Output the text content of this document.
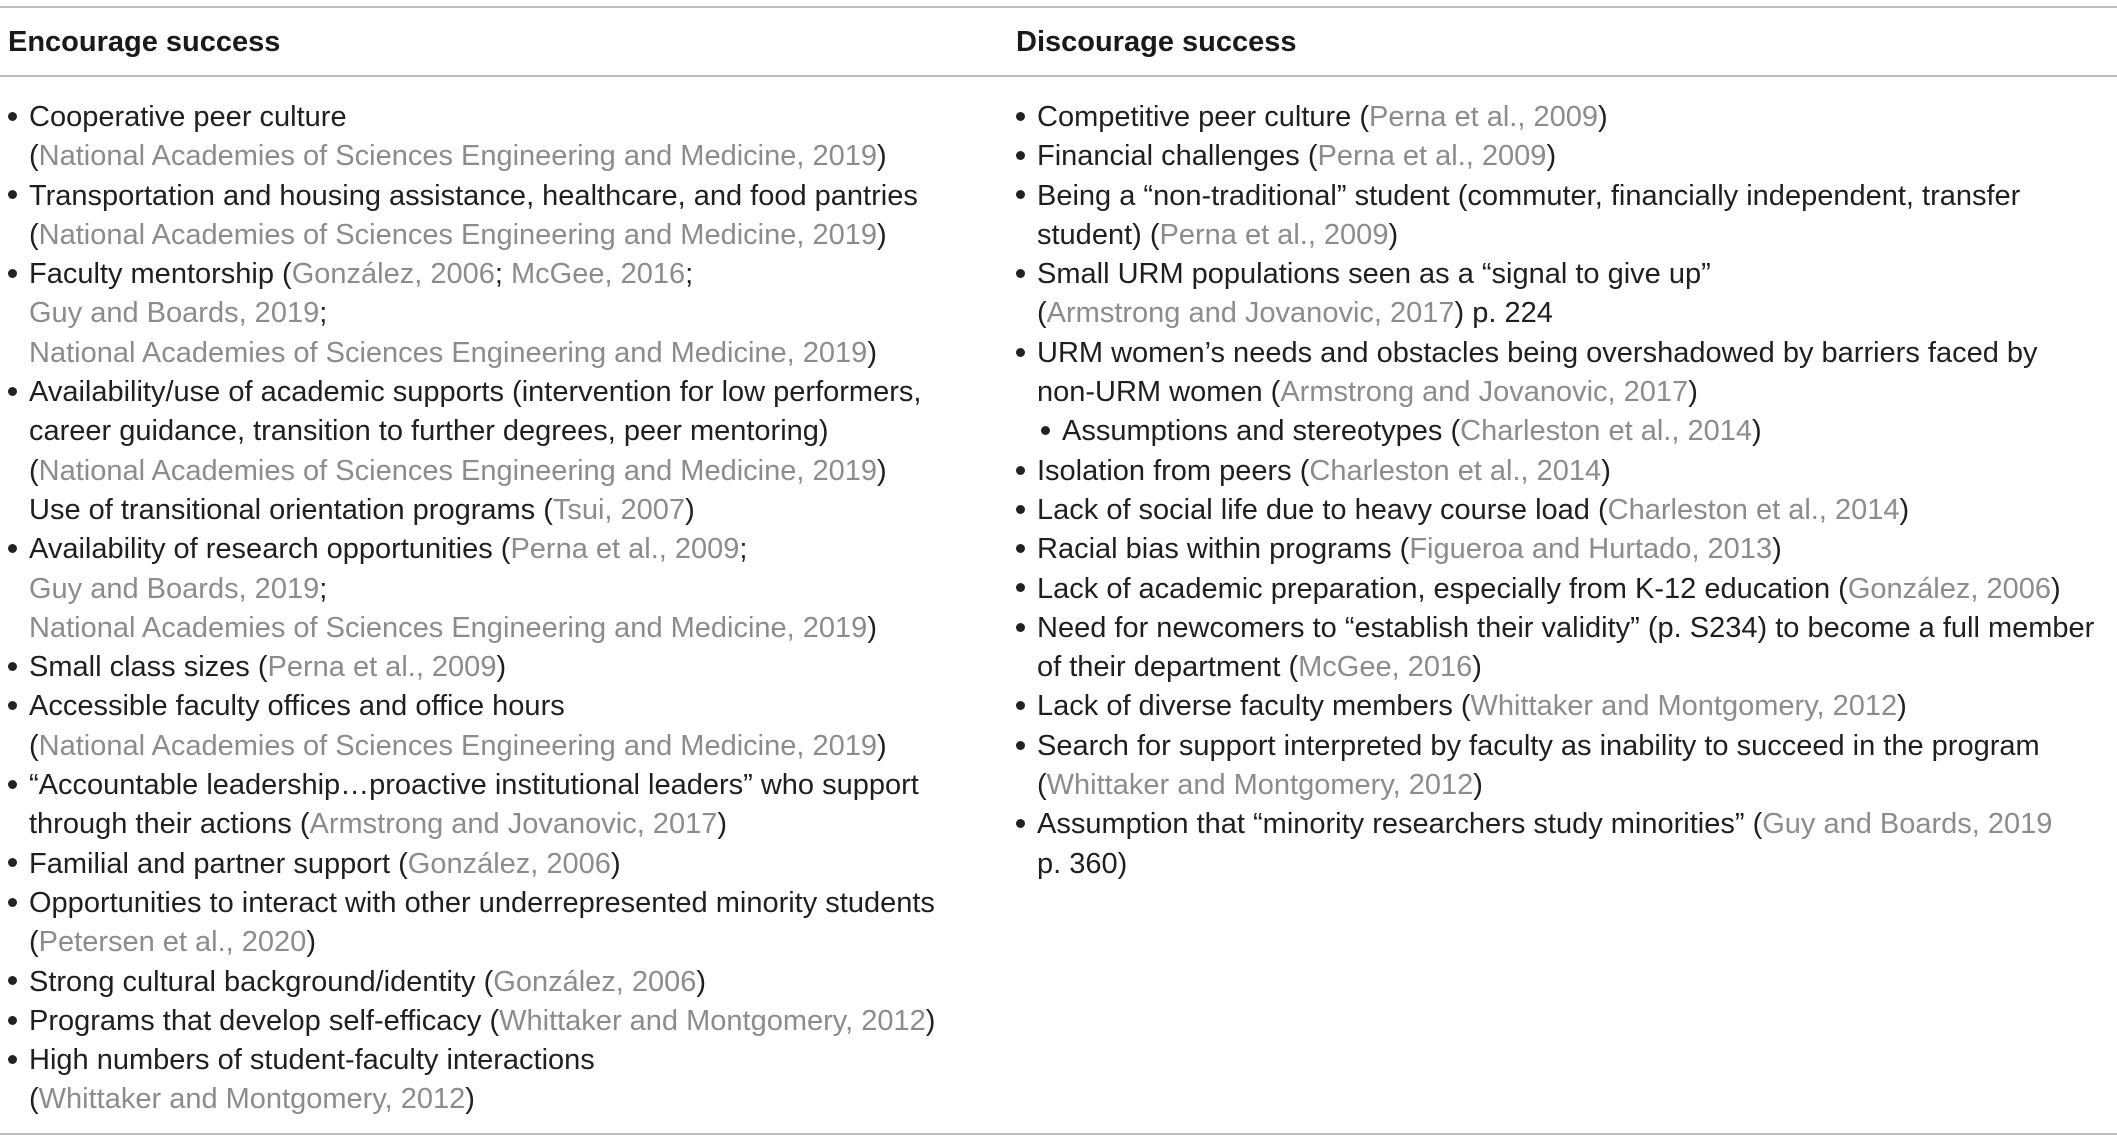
Encourage success	Discourage success
Cooperative peer culture
(National Academies of Sciences Engineering and Medicine, 2019)
Transportation and housing assistance, healthcare, and food pantries
(National Academies of Sciences Engineering and Medicine, 2019)
Faculty mentorship (González, 2006; McGee, 2016;
Guy and Boards, 2019;
National Academies of Sciences Engineering and Medicine, 2019)
Availability/use of academic supports (intervention for low performers,
career guidance, transition to further degrees, peer mentoring)
(National Academies of Sciences Engineering and Medicine, 2019)
Use of transitional orientation programs (Tsui, 2007)
Availability of research opportunities (Perna et al., 2009;
Guy and Boards, 2019;
National Academies of Sciences Engineering and Medicine, 2019)
Small class sizes (Perna et al., 2009)
Accessible faculty offices and office hours
(National Academies of Sciences Engineering and Medicine, 2019)
“Accountable leadership…proactive institutional leaders” who support
through their actions (Armstrong and Jovanovic, 2017)
Familial and partner support (González, 2006)
Opportunities to interact with other underrepresented minority students
(Petersen et al., 2020)
Strong cultural background/identity (González, 2006)
Programs that develop self-efficacy (Whittaker and Montgomery, 2012)
High numbers of student-faculty interactions
(Whittaker and Montgomery, 2012)
Competitive peer culture (Perna et al., 2009)
Financial challenges (Perna et al., 2009)
Being a “non-traditional” student (commuter, financially independent, transfer
student) (Perna et al., 2009)
Small URM populations seen as a “signal to give up”
(Armstrong and Jovanovic, 2017) p. 224
URM women’s needs and obstacles being overshadowed by barriers faced by
non-URM women (Armstrong and Jovanovic, 2017)
Assumptions and stereotypes (Charleston et al., 2014)
Isolation from peers (Charleston et al., 2014)
Lack of social life due to heavy course load (Charleston et al., 2014)
Racial bias within programs (Figueroa and Hurtado, 2013)
Lack of academic preparation, especially from K-12 education (González, 2006)
Need for newcomers to “establish their validity” (p. S234) to become a full member
of their department (McGee, 2016)
Lack of diverse faculty members (Whittaker and Montgomery, 2012)
Search for support interpreted by faculty as inability to succeed in the program
(Whittaker and Montgomery, 2012)
Assumption that “minority researchers study minorities” (Guy and Boards, 2019
p. 360)
